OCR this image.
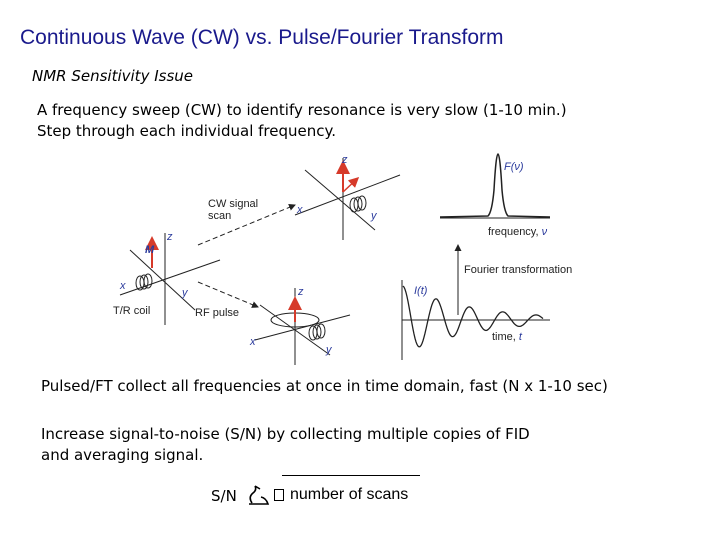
Continuous Wave (CW) vs. Pulse/Fourier Transform
NMR Sensitivity Issue
A frequency sweep (CW) to identify resonance is very slow (1-10 min.)
Step through each individual frequency.
z
M
x
y
T/R coil
CW signal
scan
z
x	y
F(ν)
frequency, ν
Fourier transformation
RF pulse
z
x
y
I(t)
time, t
Pulsed/FT collect all frequencies at once in time domain, fast (N x 1-10 sec)
Increase signal-to-noise (S/N) by collecting multiple copies of FID
and averaging signal.
S/N	number of scans
